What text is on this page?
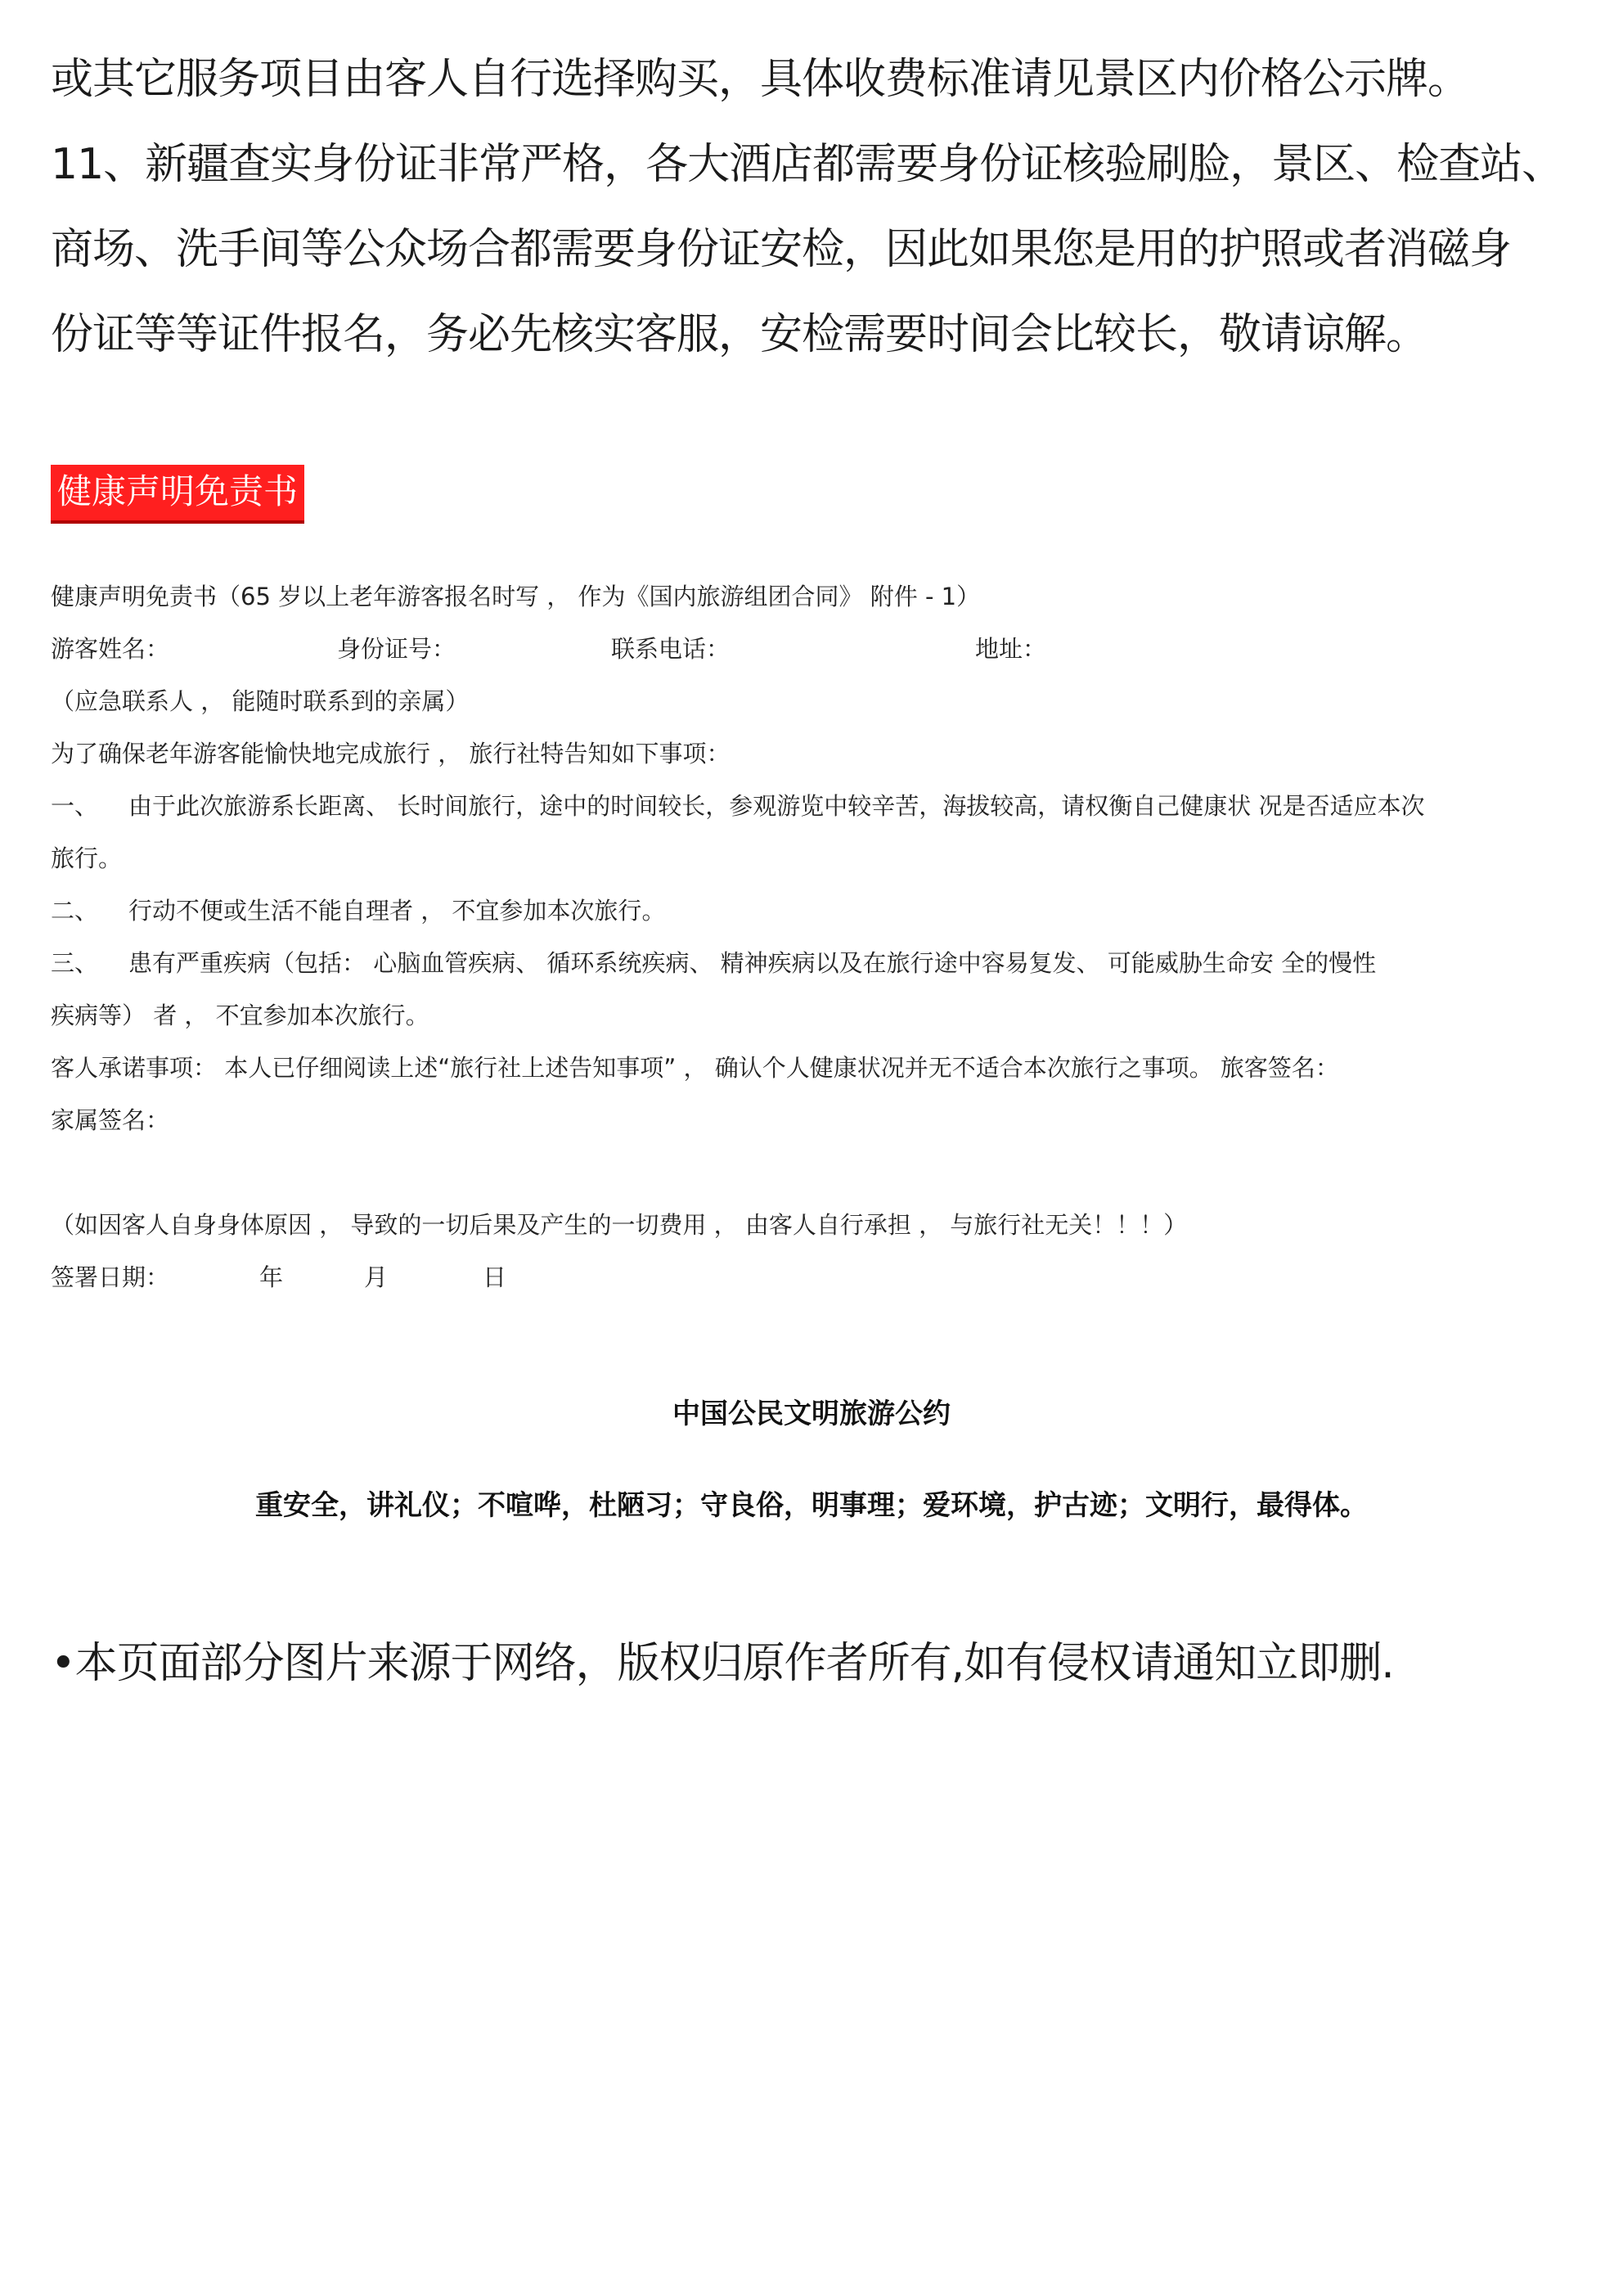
或其它服务项目由客人自行选择购买，具体收费标准请见景区内价格公示牌。

11、新疆查实身份证非常严格，各大酒店都需要身份证核验刷脸，景区、检查站、

商场、洗手间等公众场合都需要身份证安检，因此如果您是用的护照或者消磁身

份证等等证件报名，务必先核实客服，安检需要时间会比较长，敬请谅解。

健康声明免责书

健康声明免责书（65 岁以上老年游客报名时写 ， 作为《国内旅游组团合同》 附件 - 1）

游客姓名：	身份证号：	联系电话：	地址：

（应急联系人 ， 能随时联系到的亲属）

为了确保老年游客能愉快地完成旅行 ， 旅行社特告知如下事项：

一、 由于此次旅游系长距离、 长时间旅行，途中的时间较长，参观游览中较辛苦，海拔较高，请权衡自己健康状 况是否适应本次

旅行。

二、 行动不便或生活不能自理者 ， 不宜参加本次旅行。

三、 患有严重疾病（包括： 心脑血管疾病、 循环系统疾病、 精神疾病以及在旅行途中容易复发、 可能威胁生命安 全的慢性

疾病等） 者 ， 不宜参加本次旅行。

客人承诺事项： 本人已仔细阅读上述“旅行社上述告知事项” ， 确认个人健康状况并无不适合本次旅行之事项。 旅客签名：

家属签名：

（如因客人自身身体原因 ， 导致的一切后果及产生的一切费用 ， 由客人自行承担 ， 与旅行社无关！！！）

签署日期：	年	月	日

中国公民文明旅游公约
重安全，讲礼仪；不喧哗，杜陋习；守良俗，明事理；爱环境，护古迹；文明行，最得体。
•本页面部分图片来源于网络，版权归原作者所有,如有侵权请通知立即删.
